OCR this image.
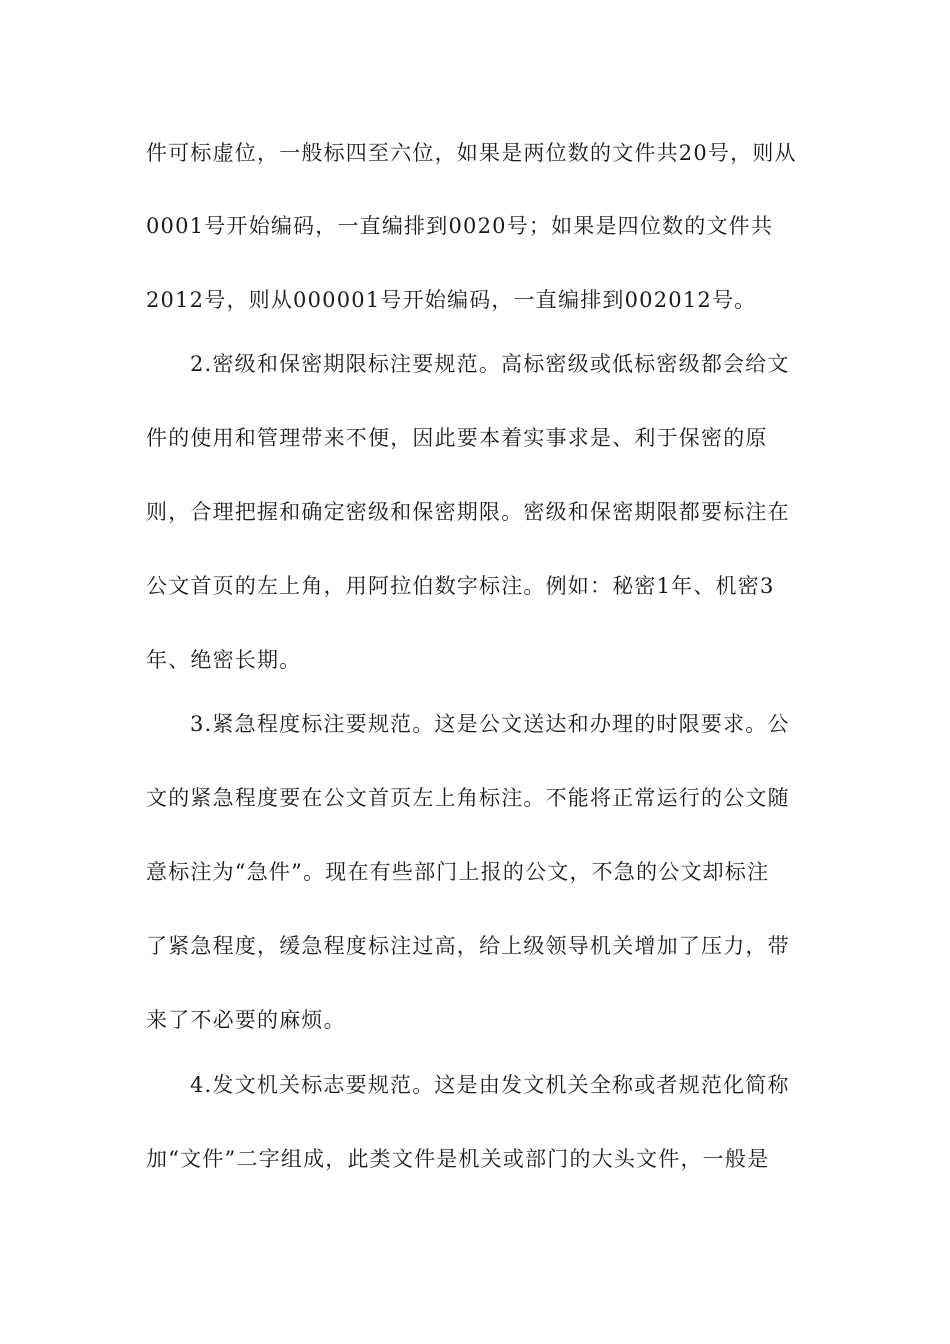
件可标虚位，一般标四至六位，如果是两位数的文件共20号，则从

0001号开始编码，一直编排到0020号；如果是四位数的文件共

2012号，则从000001号开始编码，一直编排到002012号。

2.密级和保密期限标注要规范。高标密级或低标密级都会给文

件的使用和管理带来不便，因此要本着实事求是、利于保密的原

则，合理把握和确定密级和保密期限。密级和保密期限都要标注在

公文首页的左上角，用阿拉伯数字标注。例如：秘密1年、机密3

年、绝密长期。

3.紧急程度标注要规范。这是公文送达和办理的时限要求。公

文的紧急程度要在公文首页左上角标注。不能将正常运行的公文随

意标注为“急件”。现在有些部门上报的公文，不急的公文却标注

了紧急程度，缓急程度标注过高，给上级领导机关增加了压力，带

来了不必要的麻烦。

4.发文机关标志要规范。这是由发文机关全称或者规范化简称

加“文件”二字组成，此类文件是机关或部门的大头文件，一般是
